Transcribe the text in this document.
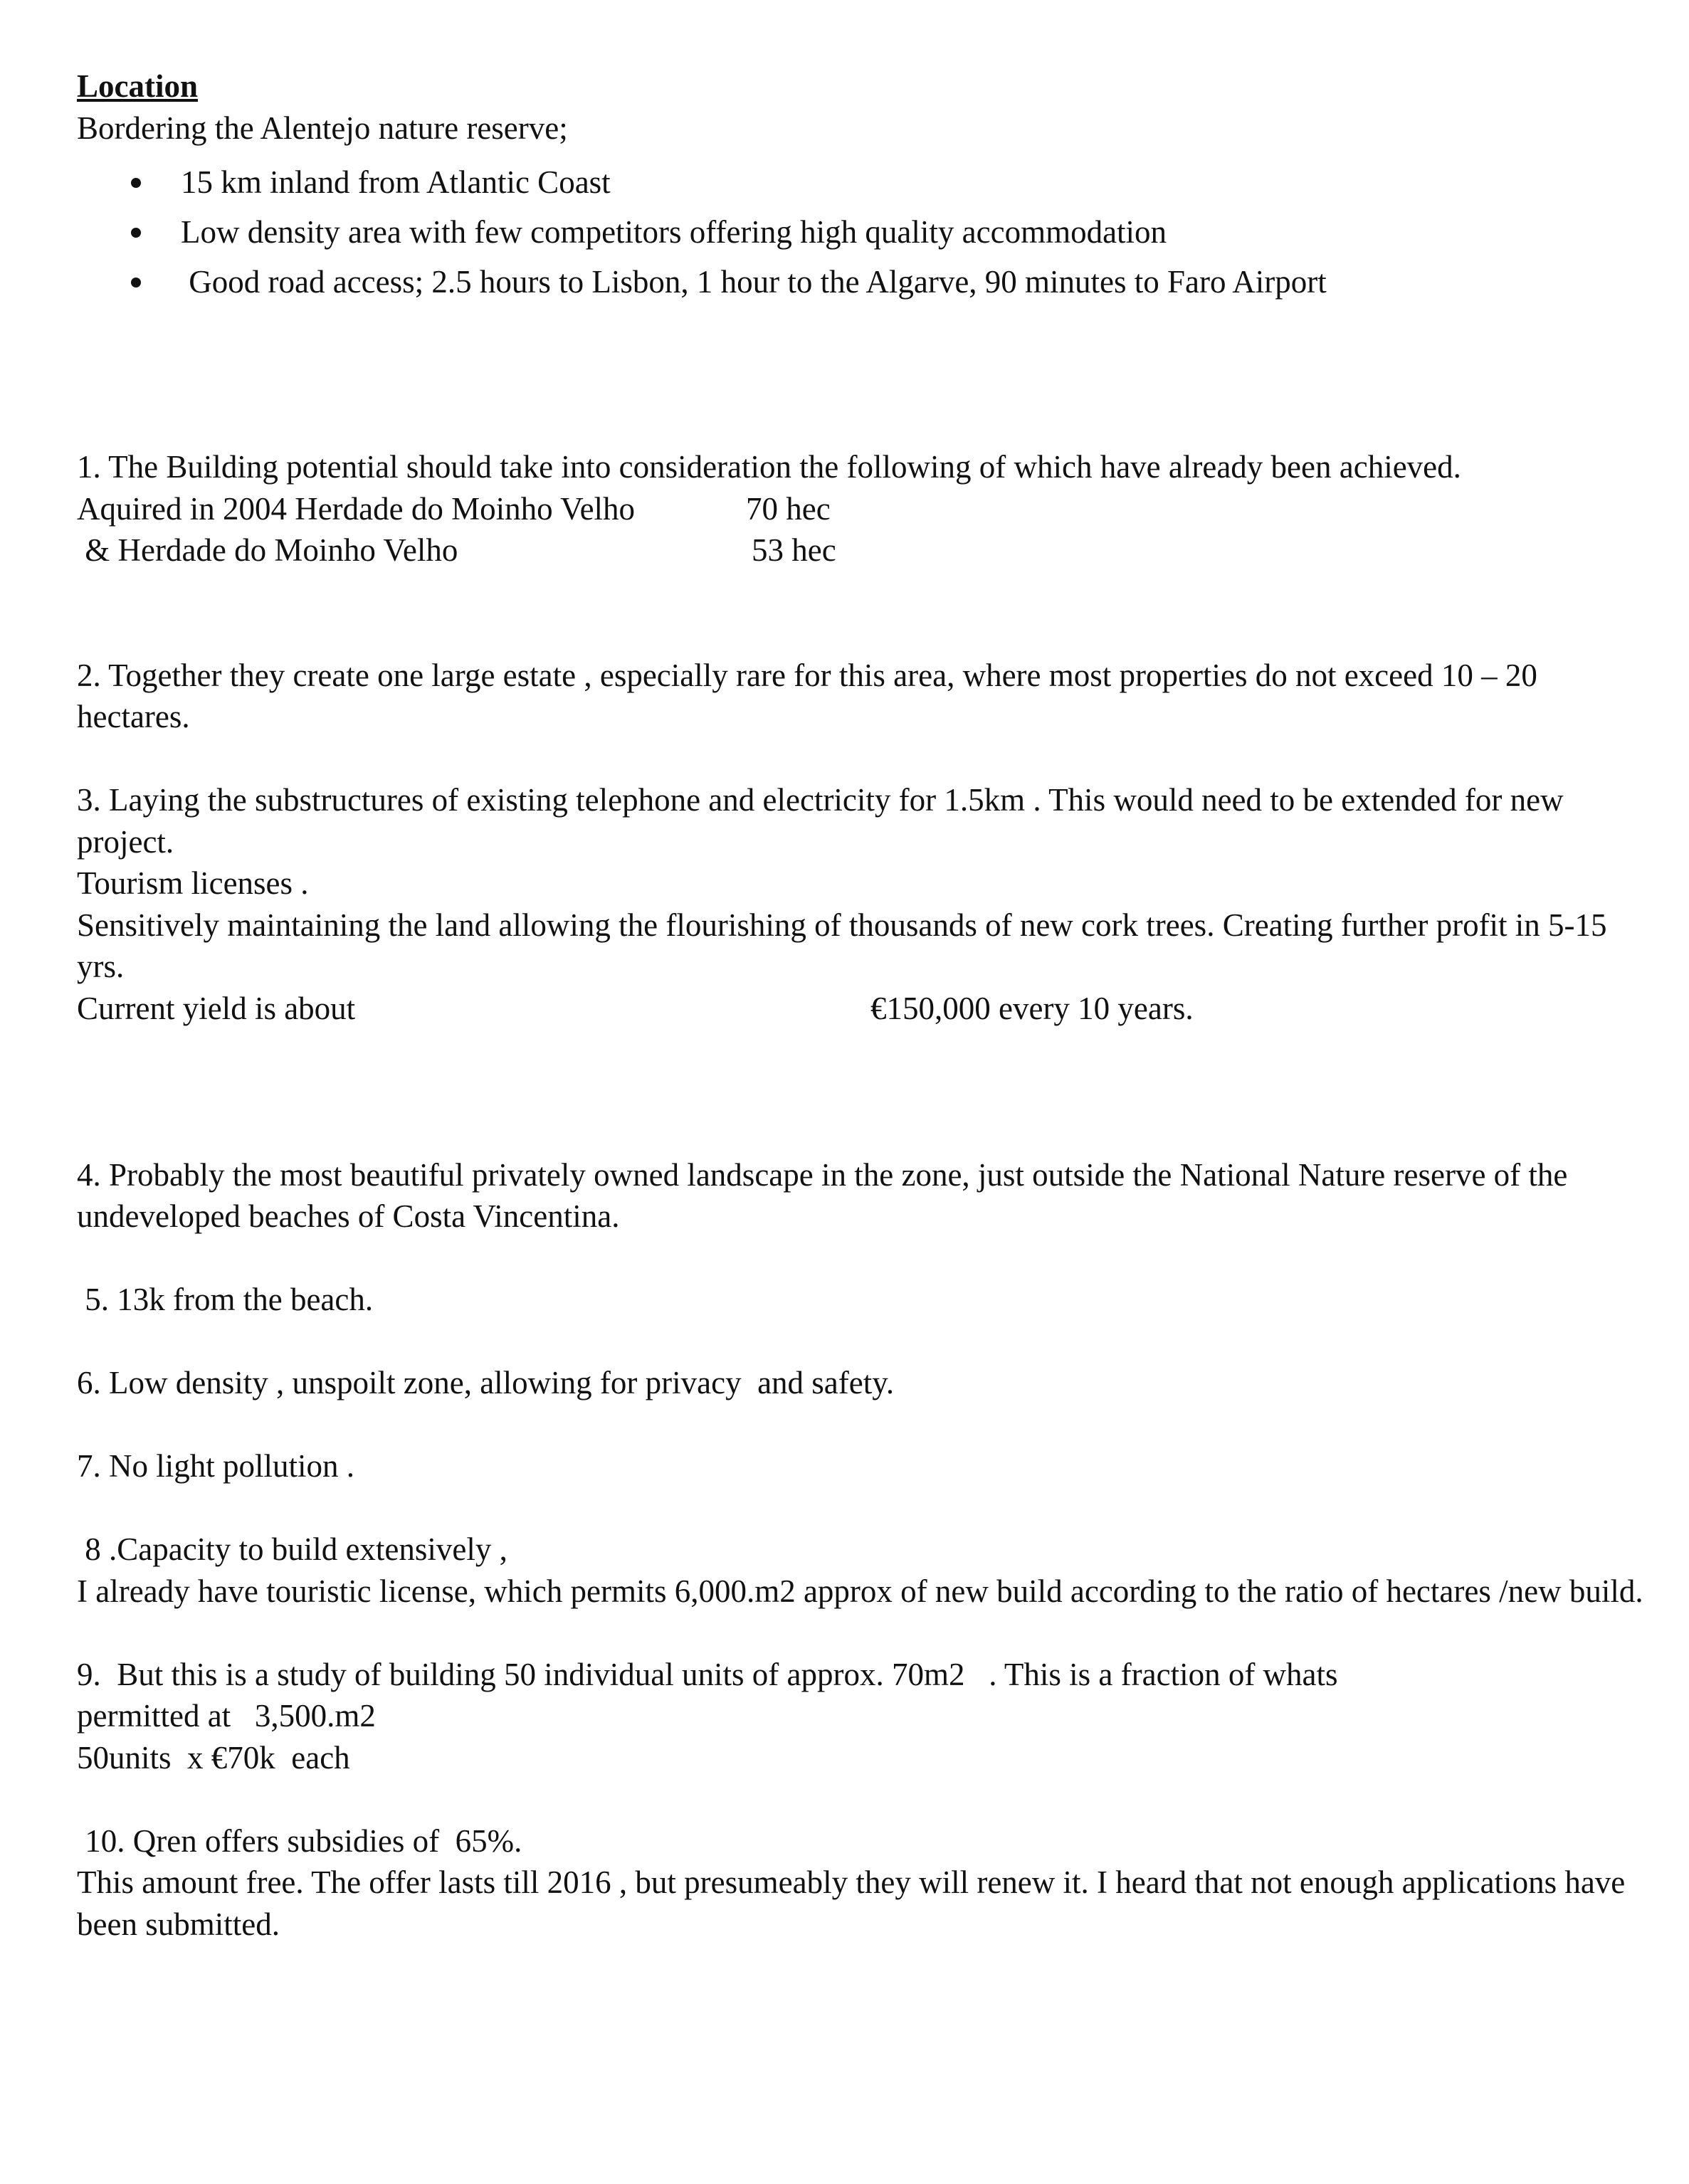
Location
Bordering the Alentejo nature reserve;
15 km inland from Atlantic Coast
Low density area with few competitors offering high quality accommodation
Good road access; 2.5 hours to Lisbon, 1 hour to the Algarve, 90 minutes to Faro Airport
1. The Building potential should take into consideration the following of which have already been achieved.
Aquired in 2004 Herdade do Moinho Velho	70 hec
& Herdade do Moinho Velho	53 hec
2. Together they create one large estate , especially rare for this area, where most properties do not exceed 10 – 20 hectares.
3. Laying the substructures of existing telephone and electricity for 1.5km . This would need to be extended for new project.
Tourism licenses .
Sensitively maintaining the land allowing the flourishing of thousands of new cork trees. Creating further profit in 5-15 yrs.
Current yield is about	€150,000 every 10 years.
4. Probably the most beautiful privately owned landscape in the zone, just outside the National Nature reserve of the undeveloped beaches of Costa Vincentina.
5. 13k from the beach.
6. Low density , unspoilt zone, allowing for privacy  and safety.
7. No light pollution .
8 .Capacity to build extensively ,
I already have touristic license, which permits 6,000.m2 approx of new build according to the ratio of hectares /new build.
9.  But this is a study of building 50 individual units of approx. 70m2   . This is a fraction of whats
permitted at   3,500.m2
50units  x €70k  each
10. Qren offers subsidies of  65%.
This amount free. The offer lasts till 2016 , but presumeably they will renew it. I heard that not enough applications have been submitted.
